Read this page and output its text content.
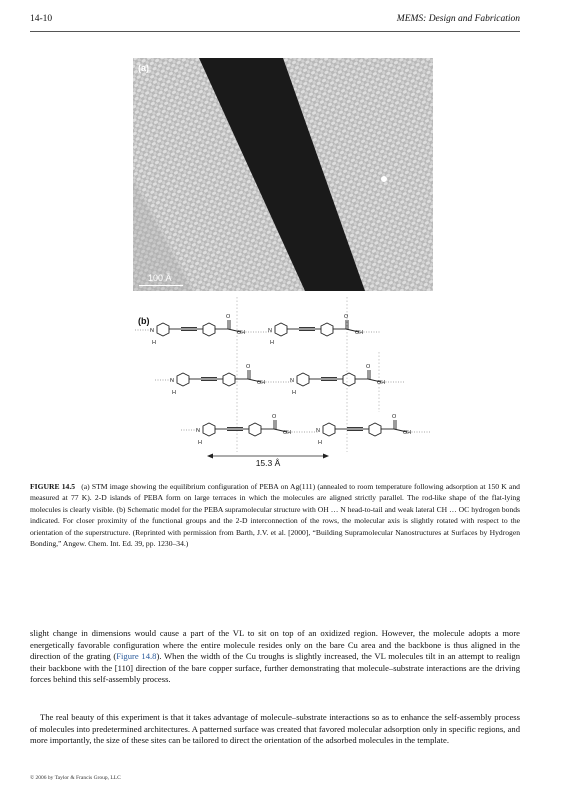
14-10	MEMS: Design and Fabrication
(a)
100 Å
(b)
N
H
O
OH	N
H
O
OH
N
H
O
OH	N
H
O
OH
N
H
O
OH	N
H
O
OH
15.3 Å
FIGURE 14.5 (a) STM image showing the equilibrium configuration of PEBA on Ag(111) (annealed to room temperature following adsorption at 150 K and measured at 77 K). 2-D islands of PEBA form on large terraces in which the molecules are aligned strictly parallel. The rod-like shape of the flat-lying molecules is clearly visible. (b) Schematic model for the PEBA supramolecular structure with OH … N head-to-tail and weak lateral CH … OC hydrogen bonds indicated. For closer proximity of the functional groups and the 2-D interconnection of the rows, the molecular axis is slightly rotated with respect to the orientation of the superstructure. (Reprinted with permission from Barth, J.V. et al. [2000], “Building Supramolecular Nanostructures at Surfaces by Hydrogen Bonding,” Angew. Chem. Int. Ed. 39, pp. 1230–34.)

slight change in dimensions would cause a part of the VL to sit on top of an oxidized region. However, the molecule adopts a more energetically favorable configuration where the entire molecule resides only on the bare Cu area and the backbone is thus aligned in the direction of the grating (Figure 14.8). When the width of the Cu troughs is slightly increased, the VL molecules tilt in an attempt to realign their backbone with the [110] direction of the bare copper surface, further demonstrating that molecule–substrate interactions are the driving forces behind this self-assembly process.

The real beauty of this experiment is that it takes advantage of molecule–substrate interactions so as to enhance the self-assembly process of molecules into predetermined architectures. A patterned surface was created that favored molecular adsorption only in specific regions, and more importantly, the size of these sites can be tailored to direct the orientation of the adsorbed molecules in the template.

© 2006 by Taylor & Francis Group, LLC
